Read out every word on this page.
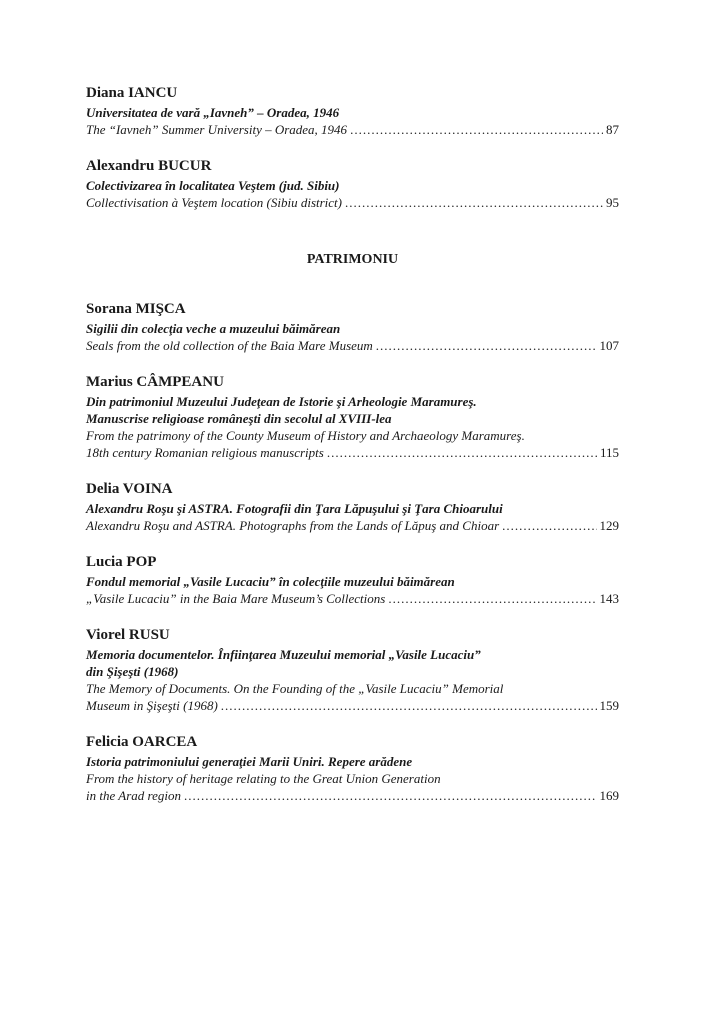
Diana IANCU
Universitatea de vară „Iavneh” – Oradea, 1946
The “Iavneh” Summer University – Oradea, 1946 .....	87
Alexandru BUCUR
Colectivizarea în localitatea Veştem (jud. Sibiu)
Collectivisation à Veştem location (Sibiu district) .....	95
PATRIMONIU
Sorana MIŞCA
Sigilii din colecţia veche a muzeului băimărean
Seals from the old collection of the Baia Mare Museum .....	107
Marius CÂMPEANU
Din patrimoniul Muzeului Judeţean de Istorie şi Arheologie Maramureş.
Manuscrise religioase româneşti din secolul al XVIII-lea
From the patrimony of the County Museum of History and Archaeology Maramureş.
18th century Romanian religious manuscripts .....	115
Delia VOINA
Alexandru Roşu şi ASTRA. Fotografii din Ţara Lăpuşului şi Ţara Chioarului
Alexandru Roşu and ASTRA. Photographs from the Lands of Lăpuş and Chioar .....	129
Lucia POP
Fondul memorial „Vasile Lucaciu” în colecţiile muzeului băimărean
„Vasile Lucaciu” in the Baia Mare Museum’s Collections .....	143
Viorel RUSU
Memoria documentelor. Înfiinţarea Muzeului memorial „Vasile Lucaciu”
din Şişeşti (1968)
The Memory of Documents. On the Founding of the „Vasile Lucaciu” Memorial
Museum in Şişeşti (1968) .....	159
Felicia OARCEA
Istoria patrimoniului generaţiei Marii Uniri. Repere arădene
From the history of heritage relating to the Great Union Generation
in the Arad region .....	169
